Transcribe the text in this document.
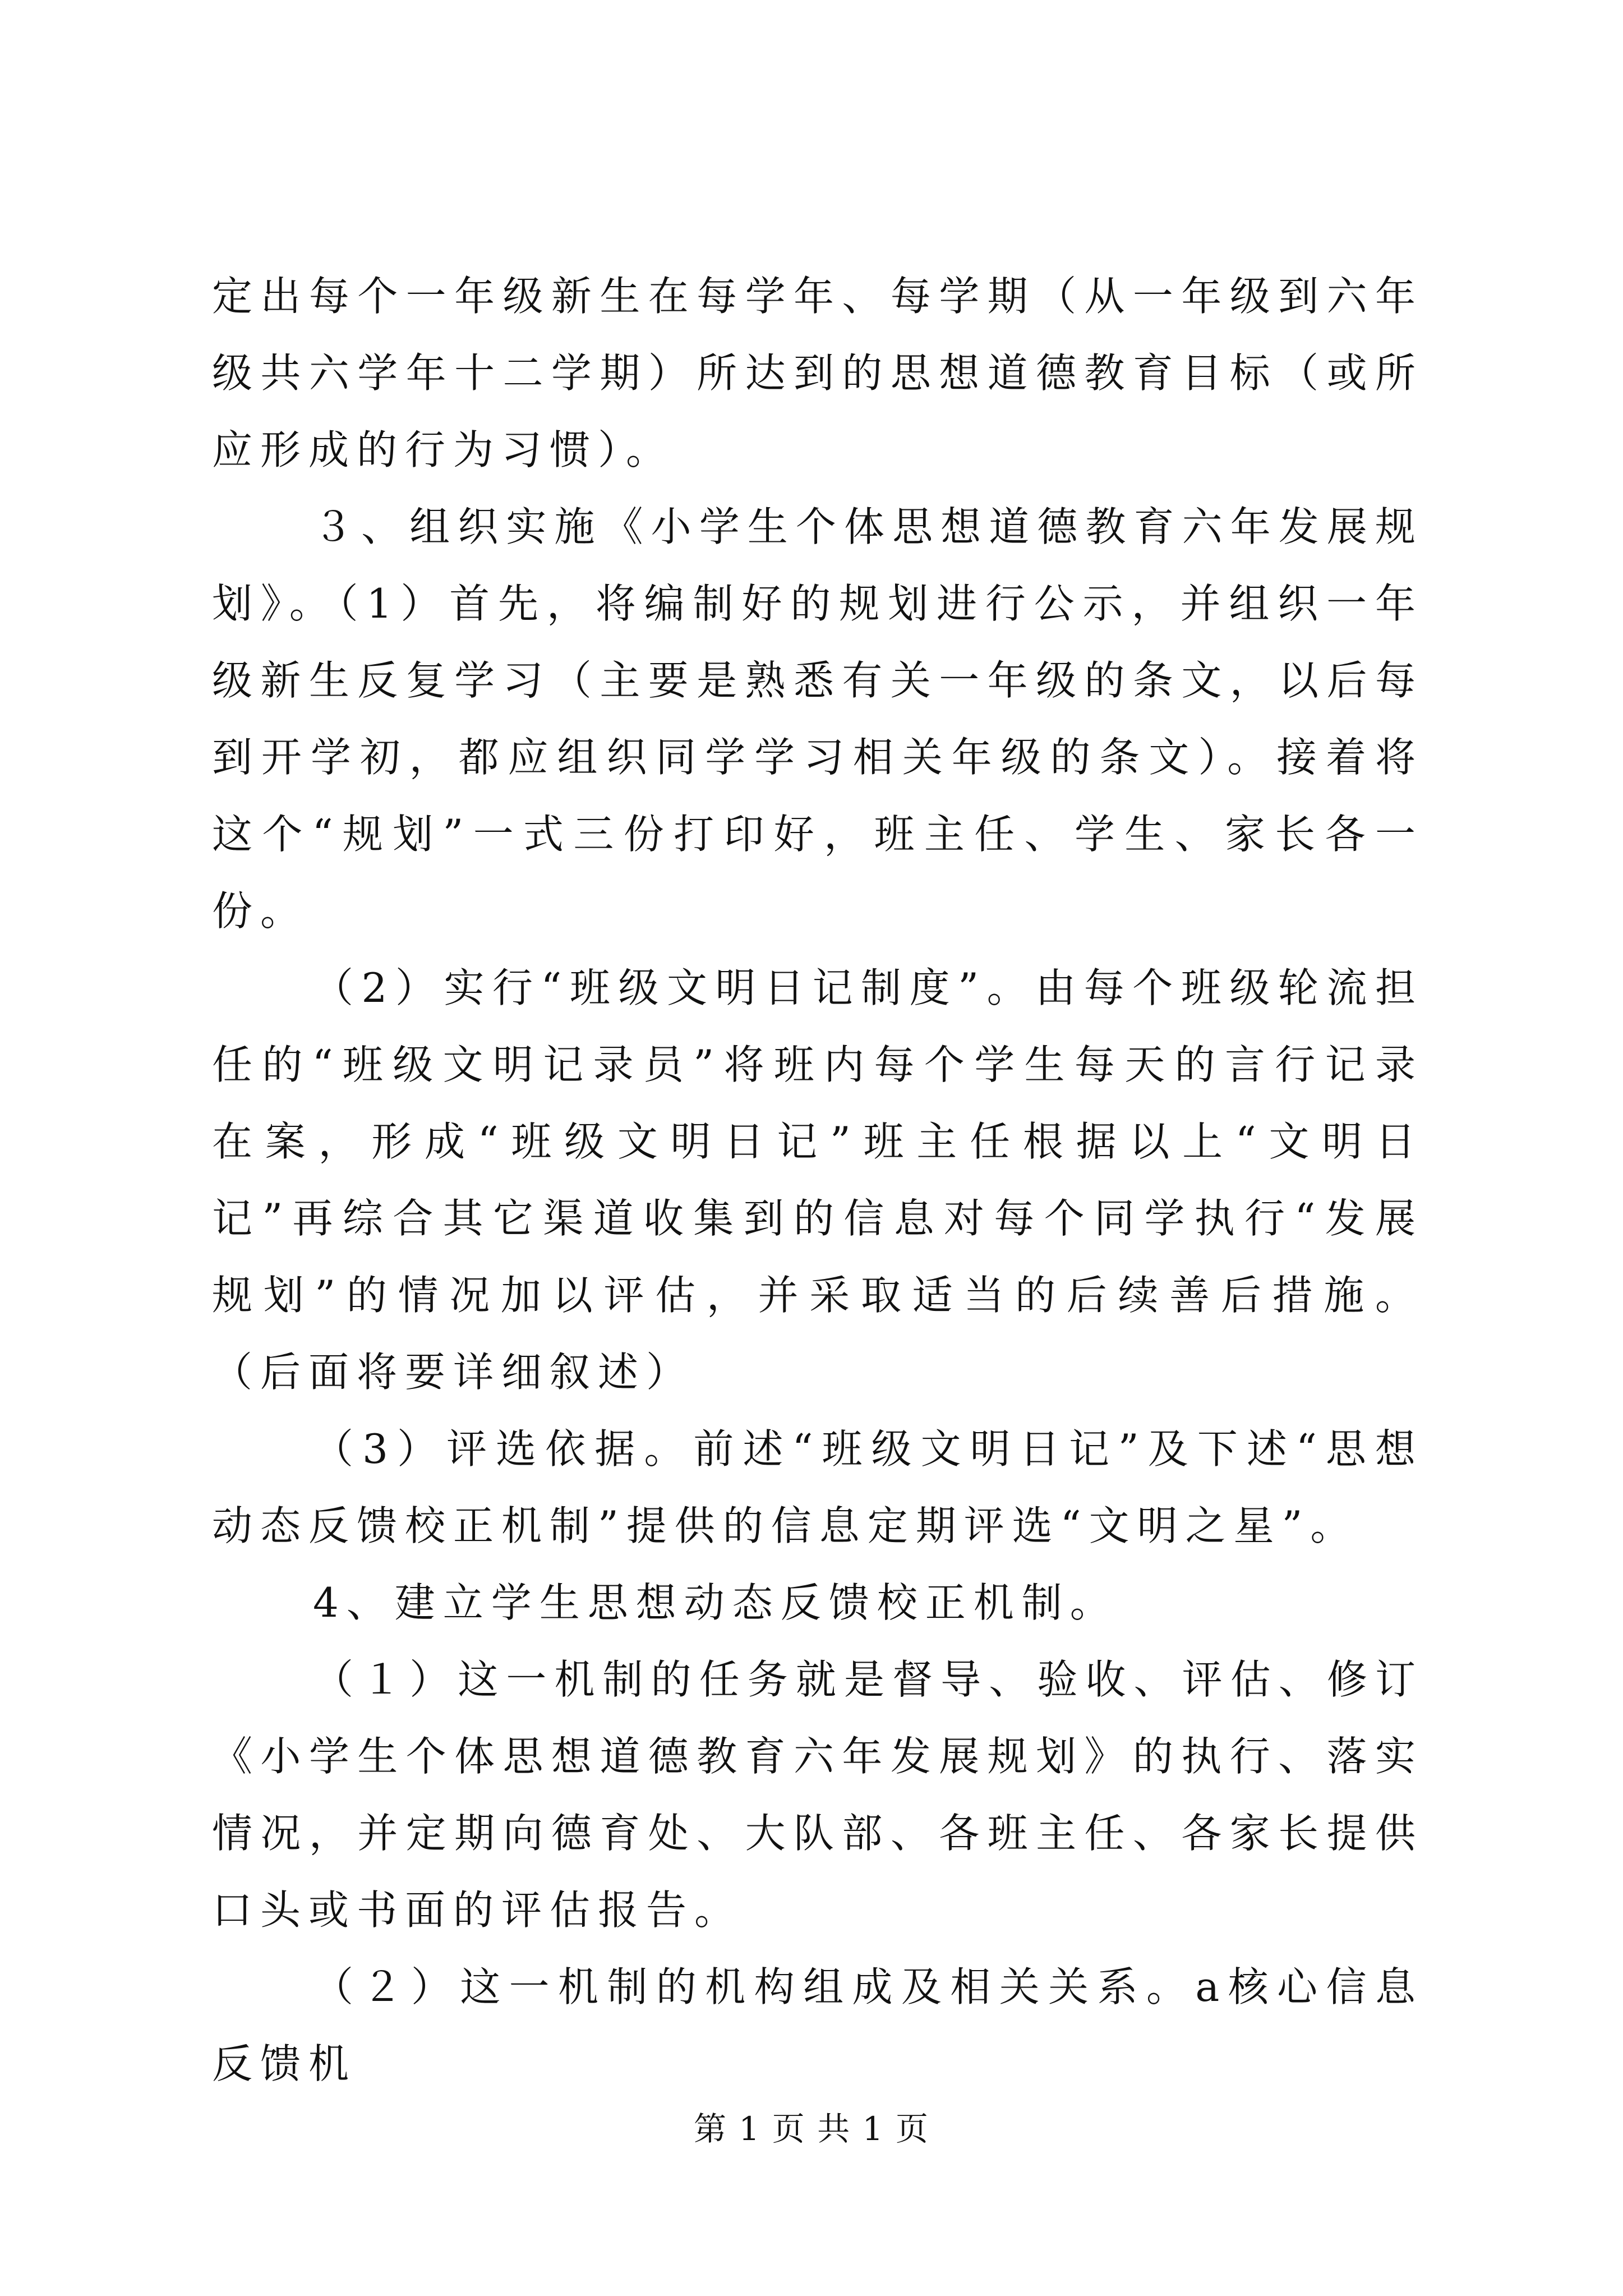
定出每个一年级新生在每学年、每学期（从一年级到六年级共六学年十二学期）所达到的思想道德教育目标（或所应形成的行为习惯）。

３、组织实施《小学生个体思想道德教育六年发展规划》。（1）首先，将编制好的规划进行公示，并组织一年级新生反复学习（主要是熟悉有关一年级的条文，以后每到开学初，都应组织同学学习相关年级的条文）。接着将这个“规划”一式三份打印好，班主任、学生、家长各一份。

（2）实行“班级文明日记制度”。由每个班级轮流担任的“班级文明记录员”将班内每个学生每天的言行记录在案，形成“班级文明日记”班主任根据以上“文明日记”再综合其它渠道收集到的信息对每个同学执行“发展规划”的情况加以评估，并采取适当的后续善后措施。（后面将要详细叙述）

（3）评选依据。前述“班级文明日记”及下述“思想动态反馈校正机制”提供的信息定期评选“文明之星”。

4、建立学生思想动态反馈校正机制。

（１）这一机制的任务就是督导、验收、评估、修订《小学生个体思想道德教育六年发展规划》的执行、落实情况，并定期向德育处、大队部、各班主任、各家长提供口头或书面的评估报告。

（２）这一机制的机构组成及相关关系。a核心信息反馈机

第 1 页 共 1 页
